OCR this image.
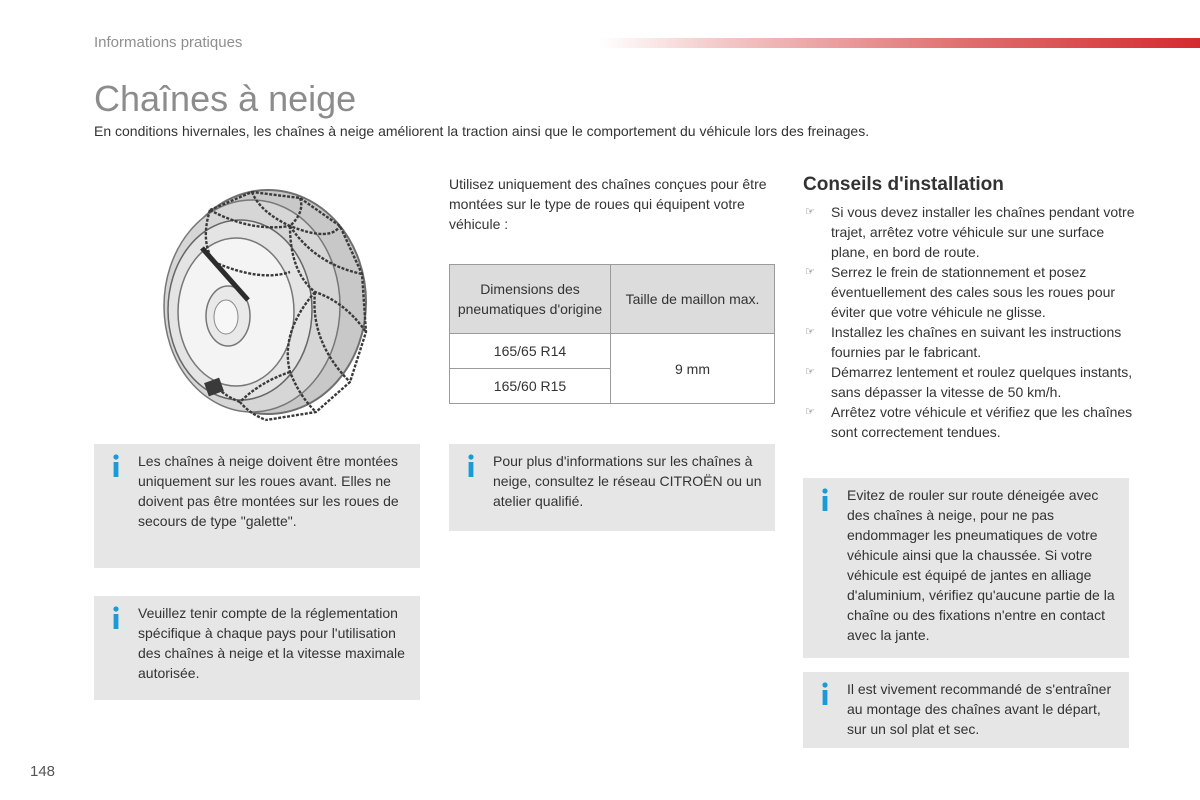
Informations pratiques
Chaînes à neige

En conditions hivernales, les chaînes à neige améliorent la traction ainsi que le comportement du véhicule lors des freinages.

Utilisez uniquement des chaînes conçues pour être montées sur le type de roues qui équipent votre véhicule :
Dimensions des pneumatiques d'origine	Taille de maillon max.
165/65 R14	9 mm
165/60 R15	
Les chaînes à neige doivent être montées uniquement sur les roues avant. Elles ne doivent pas être montées sur les roues de secours de type "galette".
Veuillez tenir compte de la réglementation spécifique à chaque pays pour l'utilisation des chaînes à neige et la vitesse maximale autorisée.
Pour plus d'informations sur les chaînes à neige, consultez le réseau CITROËN ou un atelier qualifié.
Conseils d'installation
☞ Si vous devez installer les chaînes pendant votre trajet, arrêtez votre véhicule sur une surface plane, en bord de route.
☞ Serrez le frein de stationnement et posez éventuellement des cales sous les roues pour éviter que votre véhicule ne glisse.
☞ Installez les chaînes en suivant les instructions fournies par le fabricant.
☞ Démarrez lentement et roulez quelques instants, sans dépasser la vitesse de 50 km/h.
☞ Arrêtez votre véhicule et vérifiez que les chaînes sont correctement tendues.
Evitez de rouler sur route déneigée avec des chaînes à neige, pour ne pas endommager les pneumatiques de votre véhicule ainsi que la chaussée. Si votre véhicule est équipé de jantes en alliage d'aluminium, vérifiez qu'aucune partie de la chaîne ou des fixations n'entre en contact avec la jante.
Il est vivement recommandé de s'entraîner au montage des chaînes avant le départ, sur un sol plat et sec.
148
